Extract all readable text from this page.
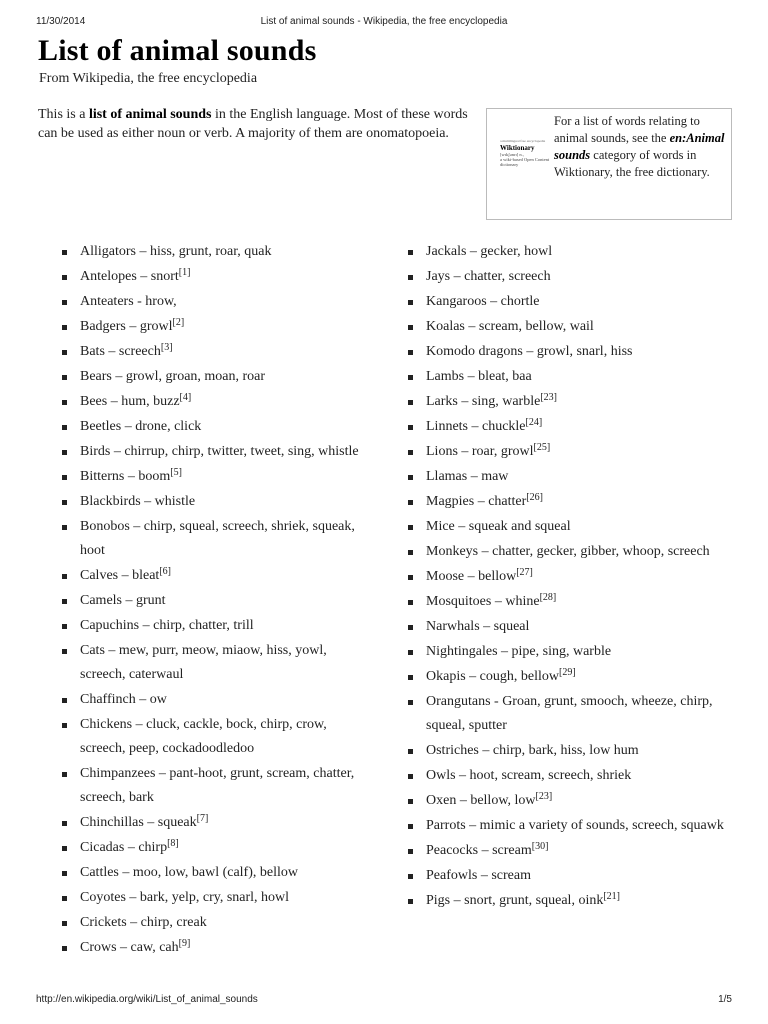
11/30/2014	List of animal sounds - Wikipedia, the free encyclopedia
List of animal sounds
From Wikipedia, the free encyclopedia
This is a list of animal sounds in the English language. Most of these words can be used as either noun or verb. A majority of them are onomatopoeia.	a multilingual free encyclopedia
Wiktionary
[wɪkʃənrɪ] n.,
a wiki-based Open Content dictionary
For a list of words relating to animal sounds, see the en:Animal sounds category of words in Wiktionary, the free dictionary.
Alligators – hiss, grunt, roar, quak
Antelopes – snort[1]
Anteaters - hrow,
Badgers – growl[2]
Bats – screech[3]
Bears – growl, groan, moan, roar
Bees – hum, buzz[4]
Beetles – drone, click
Birds – chirrup, chirp, twitter, tweet, sing, whistle
Bitterns – boom[5]
Blackbirds – whistle
Bonobos – chirp, squeal, screech, shriek, squeak, hoot
Calves – bleat[6]
Camels – grunt
Capuchins – chirp, chatter, trill
Cats – mew, purr, meow, miaow, hiss, yowl, screech, caterwaul
Chaffinch – ow
Chickens – cluck, cackle, bock, chirp, crow, screech, peep, cockadoodledoo
Chimpanzees – pant-hoot, grunt, scream, chatter, screech, bark
Chinchillas – squeak[7]
Cicadas – chirp[8]
Cattles – moo, low, bawl (calf), bellow
Coyotes – bark, yelp, cry, snarl, howl
Crickets – chirp, creak
Crows – caw, cah[9]
Jackals – gecker, howl
Jays – chatter, screech
Kangaroos – chortle
Koalas – scream, bellow, wail
Komodo dragons – growl, snarl, hiss
Lambs – bleat, baa
Larks – sing, warble[23]
Linnets – chuckle[24]
Lions – roar, growl[25]
Llamas – maw
Magpies – chatter[26]
Mice – squeak and squeal
Monkeys – chatter, gecker, gibber, whoop, screech
Moose – bellow[27]
Mosquitoes – whine[28]
Narwhals – squeal
Nightingales – pipe, sing, warble
Okapis – cough, bellow[29]
Orangutans - Groan, grunt, smooch, wheeze, chirp, squeal, sputter
Ostriches – chirp, bark, hiss, low hum
Owls – hoot, scream, screech, shriek
Oxen – bellow, low[23]
Parrots – mimic a variety of sounds, screech, squawk
Peacocks – scream[30]
Peafowls – scream
Pigs – snort, grunt, squeal, oink[21]
http://en.wikipedia.org/wiki/List_of_animal_sounds	1/5
